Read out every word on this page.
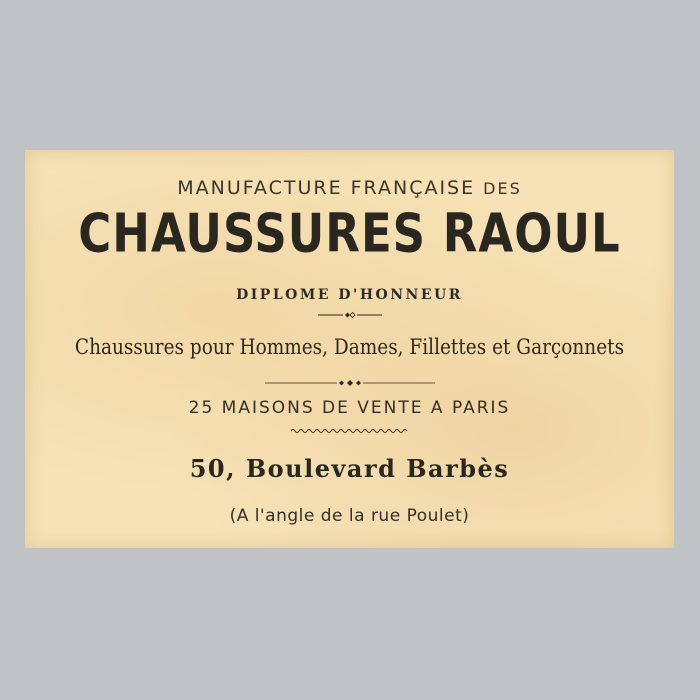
MANUFACTURE FRANÇAISE DES
CHAUSSURES RAOUL
DIPLOME D'HONNEUR
Chaussures pour Hommes, Dames, Fillettes et Garçonnets
25 MAISONS DE VENTE A PARIS
50, Boulevard Barbès
(A l'angle de la rue Poulet)
